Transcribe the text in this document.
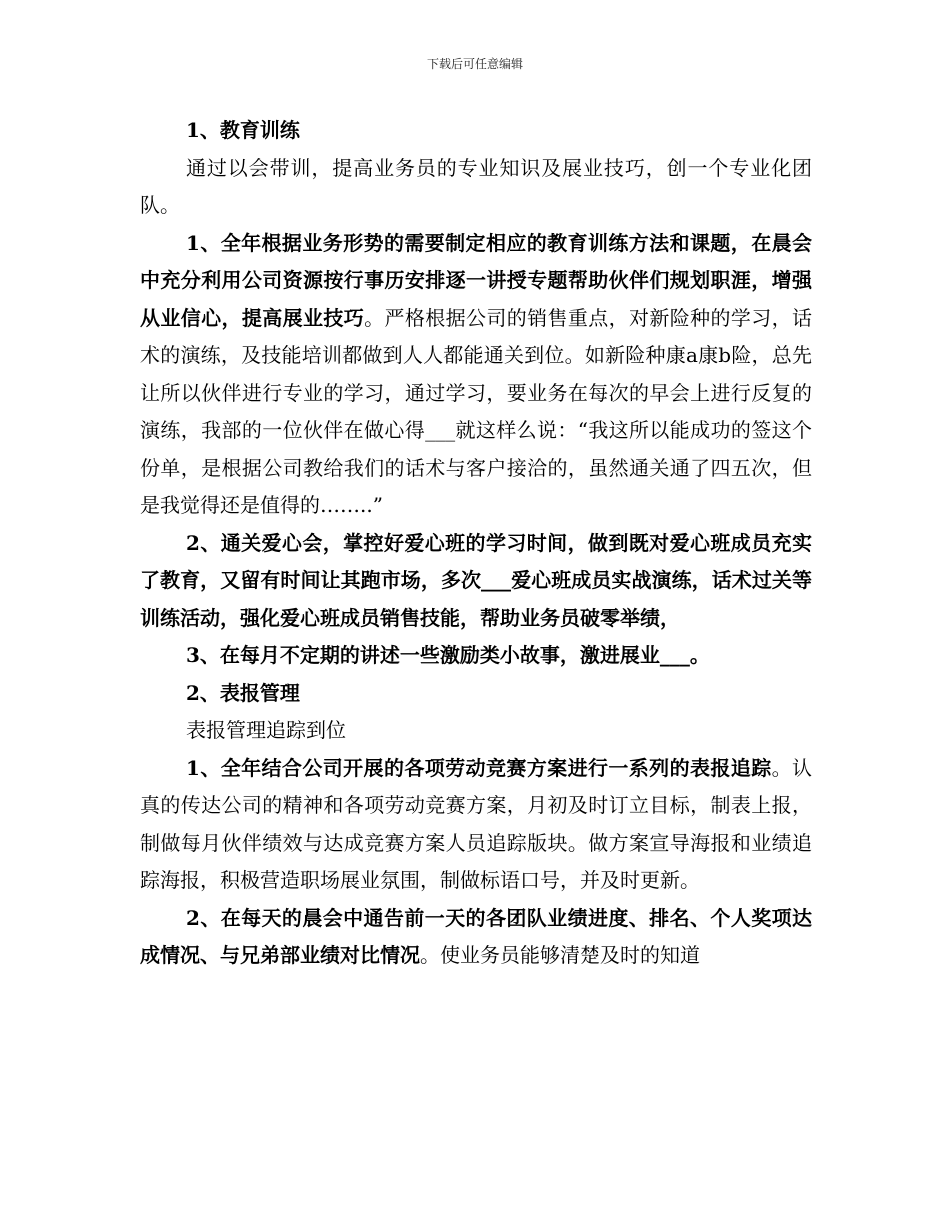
下载后可任意编辑

1、教育训练

通过以会带训，提高业务员的专业知识及展业技巧，创一个专业化团队。

1、全年根据业务形势的需要制定相应的教育训练方法和课题，在晨会中充分利用公司资源按行事历安排逐一讲授专题帮助伙伴们规划职涯，增强从业信心，提高展业技巧。严格根据公司的销售重点，对新险种的学习，话术的演练，及技能培训都做到人人都能通关到位。如新险种康a康b险，总先让所以伙伴进行专业的学习，通过学习，要业务在每次的早会上进行反复的演练，我部的一位伙伴在做心得___就这样么说：“我这所以能成功的签这个份单，是根据公司教给我们的话术与客户接洽的，虽然通关通了四五次，但是我觉得还是值得的……..”

2、通关爱心会，掌控好爱心班的学习时间，做到既对爱心班成员充实了教育，又留有时间让其跑市场，多次___爱心班成员实战演练，话术过关等训练活动，强化爱心班成员销售技能，帮助业务员破零举绩，

3、在每月不定期的讲述一些激励类小故事，激进展业___。

2、表报管理

表报管理追踪到位

1、全年结合公司开展的各项劳动竞赛方案进行一系列的表报追踪。认真的传达公司的精神和各项劳动竞赛方案，月初及时订立目标，制表上报，制做每月伙伴绩效与达成竞赛方案人员追踪版块。做方案宣导海报和业绩追踪海报，积极营造职场展业氛围，制做标语口号，并及时更新。

2、在每天的晨会中通告前一天的各团队业绩进度、排名、个人奖项达成情况、与兄弟部业绩对比情况。使业务员能够清楚及时的知道
